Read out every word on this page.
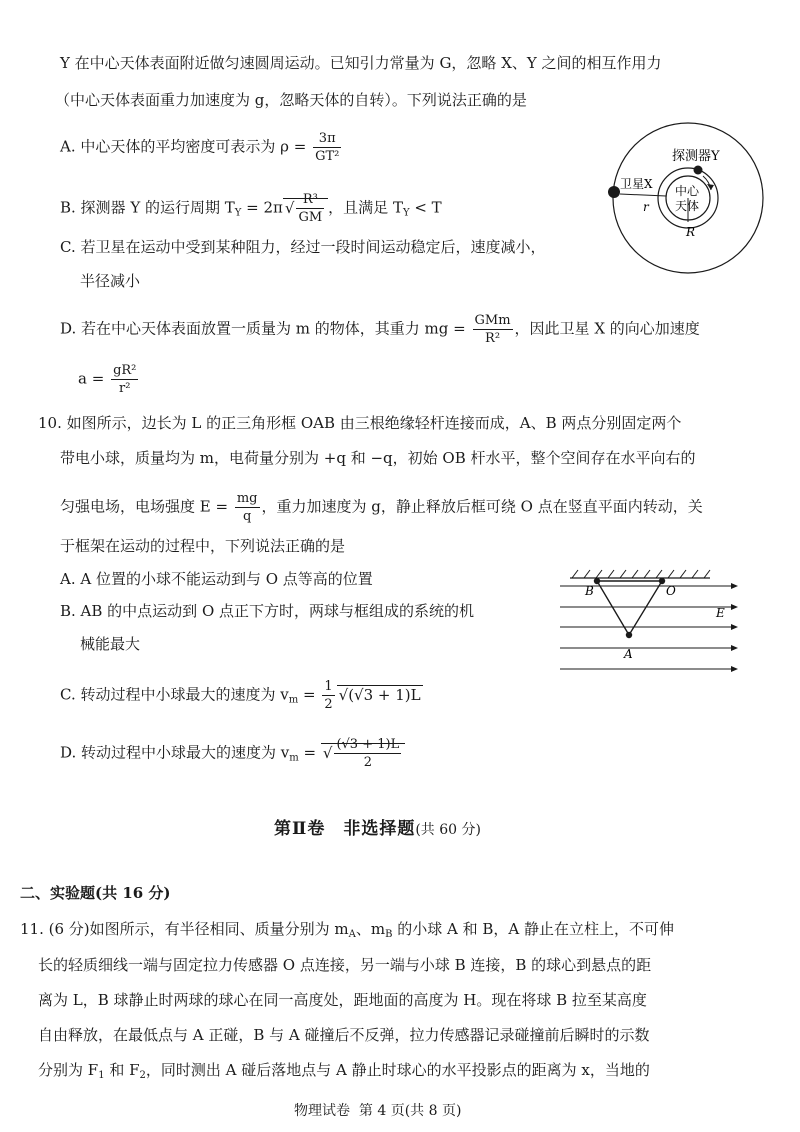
Y 在中心天体表面附近做匀速圆周运动。已知引力常量为 G，忽略 X、Y 之间的相互作用力
（中心天体表面重力加速度为 g，忽略天体的自转）。下列说法正确的是
A. 中心天体的平均密度可表示为 $\rho = \frac{3\pi}{\text{GT²}}$
B. 探测器 Y 的运行周期 $T_Y = 2\pi$ √ $\frac{\text{R³}}{GM}$ ，且满足 $T_Y < T$
C. 若卫星在运动中受到某种阻力，经过一段时间运动稳定后，速度减小，
半径减小
D. 若在中心天体表面放置一质量为 m 的物体，其重力 mg = $\frac{\text{GMm}}{\text{R²}}$ ，因此卫星 X 的向心加速度
$a = \frac{\text{gR²}}{\text{r²}}$
探测器Y
卫星X 中心
天体
r
R
10. 如图所示，边长为 L 的正三角形框 OAB 由三根绝缘轻杆连接而成，A、B 两点分别固定两个
带电小球，质量均为 m，电荷量分别为 +q 和 −q，初始 OB 杆水平，整个空间存在水平向右的
匀强电场，电场强度 $E = \frac{mg}{q}$ ，重力加速度为 g，静止释放后框可绕 O 点在竖直平面内转动，关
于框架在运动的过程中，下列说法正确的是
A. A 位置的小球不能运动到与 O 点等高的位置
B. AB 的中点运动到 O 点正下方时，两球与框组成的系统的机
械能最大
C. 转动过程中小球最大的速度为 $v_m = \frac{1}{2} √(√3 + 1)L$
D. 转动过程中小球最大的速度为 $v_m$ = √ $\frac{(√3 + 1)L}{2}$
B	O
A
E
第Ⅱ卷　非选择题(共 60 分)
二、实验题(共 16 分)
11. (6 分)如图所示，有半径相同、质量分别为 $m_A$、$m_B$ 的小球 A 和 B，A 静止在立柱上，不可伸
长的轻质细线一端与固定拉力传感器 O 点连接，另一端与小球 B 连接，B 的球心到悬点的距
离为 L，B 球静止时两球的球心在同一高度处，距地面的高度为 H。现在将球 B 拉至某高度
自由释放，在最低点与 A 正碰，B 与 A 碰撞后不反弹，拉力传感器记录碰撞前后瞬时的示数
分别为 $F_1$ 和 $F_2$，同时测出 A 碰后落地点与 A 静止时球心的水平投影点的距离为 x，当地的
物理试卷 第 4 页(共 8 页)
